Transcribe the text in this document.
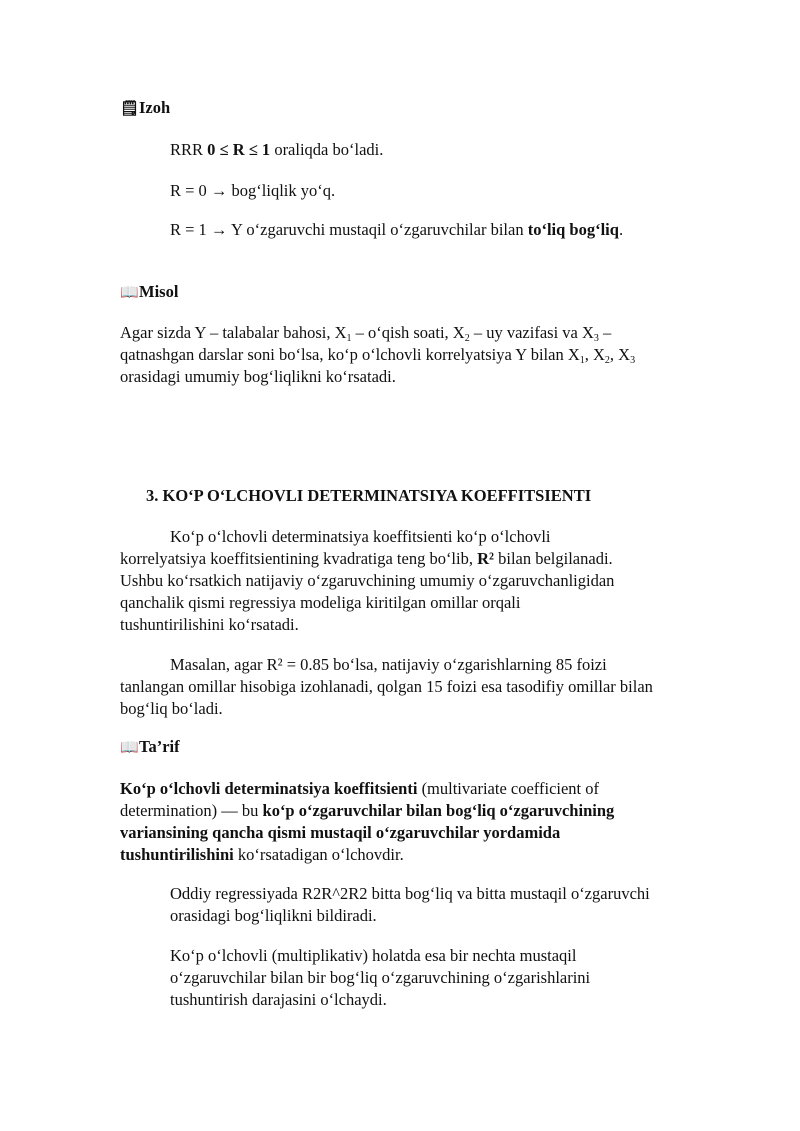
🗒 Izoh
RRR 0 ≤ R ≤ 1 oraliqda bo‘ladi.
R = 0 → bog‘liqlik yo‘q.
R = 1 → Y o‘zgaruvchi mustaqil o‘zgaruvchilar bilan to‘liq bog‘liq.
📖 Misol
Agar sizda Y – talabalar bahosi, $X_1$ – o‘qish soati, $X_2$ – uy vazifasi va $X_3$ – qatnashgan darslar soni bo‘lsa, ko‘p o‘lchovli korrelyatsiya Y bilan $X_1$, $X_2$, $X_3$ orasidagi umumiy bog‘liqlikni ko‘rsatadi.
3. KO‘P O‘LCHOVLI DETERMINATSIYA KOEFFITSIENTI
Ko‘p o‘lchovli determinatsiya koeffitsienti ko‘p o‘lchovli korrelyatsiya koeffitsientining kvadratiga teng bo‘lib, R² bilan belgilanadi. Ushbu ko‘rsatkich natijaviy o‘zgaruvchining umumiy o‘zgaruvchanligidan qanchalik qismi regressiya modeliga kiritilgan omillar orqali tushuntirilishini ko‘rsatadi.
Masalan, agar R² = 0.85 bo‘lsa, natijaviy o‘zgarishlarning 85 foizi tanlangan omillar hisobiga izohlanadi, qolgan 15 foizi esa tasodifiy omillar bilan bog‘liq bo‘ladi.
📖 Ta’rif
Ko‘p o‘lchovli determinatsiya koeffitsienti (multivariate coefficient of determination) — bu ko‘p o‘zgaruvchilar bilan bog‘liq o‘zgaruvchining variansining qancha qismi mustaqil o‘zgaruvchilar yordamida tushuntirilishini ko‘rsatadigan o‘lchovdir.
Oddiy regressiyada R2R^2R2 bitta bog‘liq va bitta mustaqil o‘zgaruvchi orasidagi bog‘liqlikni bildiradi.
Ko‘p o‘lchovli (multiplikativ) holatda esa bir nechta mustaqil o‘zgaruvchilar bilan bir bog‘liq o‘zgaruvchining o‘zgarishlarini tushuntirish darajasini o‘lchaydi.
